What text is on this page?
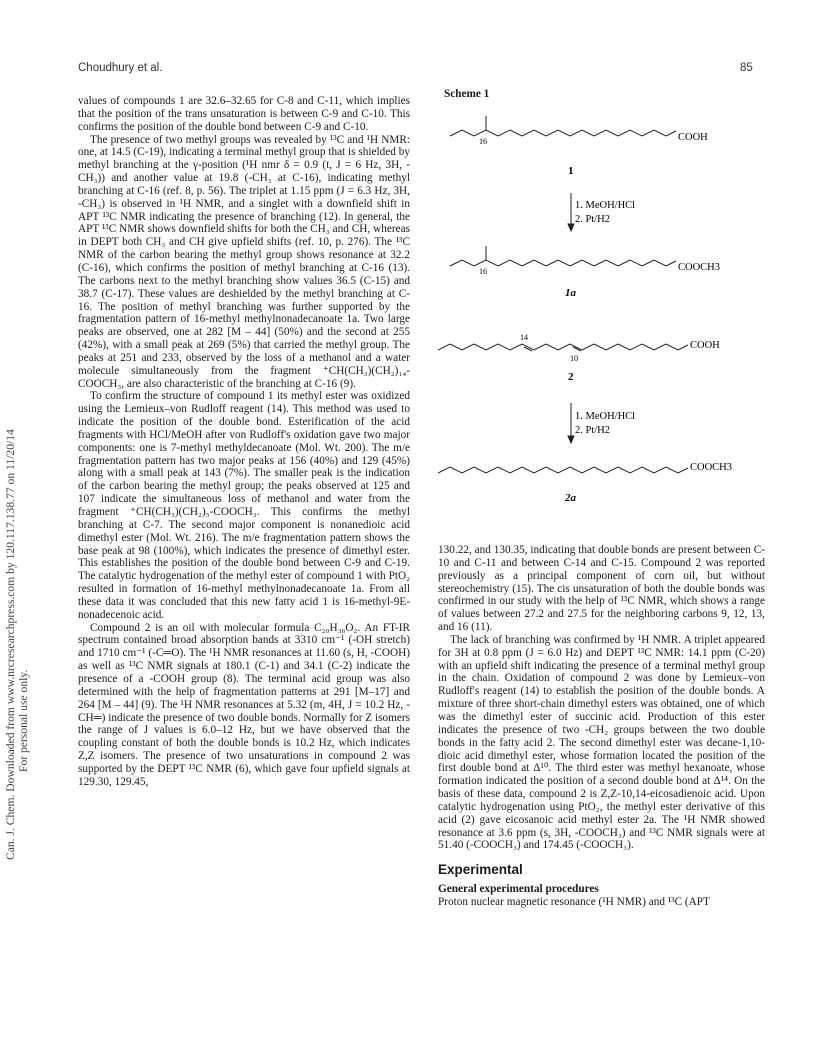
Choudhury et al.	85
Can. J. Chem. Downloaded from www.nrcresearchpress.com by 120.117.138.77 on 11/20/14 For personal use only.
Scheme 1
16	COOH
1
1. MeOH/HCl
2. Pt/H2
16	COOCH3
1a
14
10
COOH
2
1. MeOH/HCl
2. Pt/H2
COOCH3
2a

values of compounds 1 are 32.6–32.65 for C-8 and C-11, which implies that the position of the trans unsaturation is between C-9 and C-10. This confirms the position of the double bond between C-9 and C-10.

The presence of two methyl groups was revealed by ¹³C and ¹H NMR: one, at 14.5 (C-19), indicating a terminal methyl group that is shielded by methyl branching at the γ-position (¹H nmr δ = 0.9 (t, J = 6 Hz, 3H, -CH₃)) and another value at 19.8 (-CH₃ at C-16), indicating methyl branching at C-16 (ref. 8, p. 56). The triplet at 1.15 ppm (J = 6.3 Hz, 3H, -CH₃) is observed in ¹H NMR, and a singlet with a downfield shift in APT ¹³C NMR indicating the presence of branching (12). In general, the APT ¹³C NMR shows downfield shifts for both the CH₃ and CH, whereas in DEPT both CH₃ and CH give upfield shifts (ref. 10, p. 276). The ¹³C NMR of the carbon bearing the methyl group shows resonance at 32.2 (C-16), which confirms the position of methyl branching at C-16 (13). The carbons next to the methyl branching show values 36.5 (C-15) and 38.7 (C-17). These values are deshielded by the methyl branching at C-16. The position of methyl branching was further supported by the fragmentation pattern of 16-methyl methylnonadecanoate 1a. Two large peaks are observed, one at 282 [M – 44] (50%) and the second at 255 (42%), with a small peak at 269 (5%) that carried the methyl group. The peaks at 251 and 233, observed by the loss of a methanol and a water molecule simultaneously from the fragment ⁺CH(CH₃)(CH₂)₁₄-COOCH₃, are also characteristic of the branching at C-16 (9).

To confirm the structure of compound 1 its methyl ester was oxidized using the Lemieux–von Rudloff reagent (14). This method was used to indicate the position of the double bond. Esterification of the acid fragments with HCl/MeOH after von Rudloff's oxidation gave two major components: one is 7-methyl methyldecanoate (Mol. Wt. 200). The m/e fragmentation pattern has two major peaks at 156 (40%) and 129 (45%) along with a small peak at 143 (7%). The smaller peak is the indication of the carbon bearing the methyl group; the peaks observed at 125 and 107 indicate the simultaneous loss of methanol and water from the fragment ⁺CH(CH₃)(CH₂)₅-COOCH₃. This confirms the methyl branching at C-7. The second major component is nonanedioic acid dimethyl ester (Mol. Wt. 216). The m/e fragmentation pattern shows the base peak at 98 (100%), which indicates the presence of dimethyl ester. This establishes the position of the double bond between C-9 and C-19. The catalytic hydrogenation of the methyl ester of compound 1 with PtO₂ resulted in formation of 16-methyl methylnonadecanoate 1a. From all these data it was concluded that this new fatty acid 1 is 16-methyl-9E-nonadecenoic acid.

Compound 2 is an oil with molecular formula C₂₀H₃₆O₂. An FT-IR spectrum contained broad absorption bands at 3310 cm⁻¹ (-OH stretch) and 1710 cm⁻¹ (-C═O). The ¹H NMR resonances at 11.60 (s, H, -COOH) as well as ¹³C NMR signals at 180.1 (C-1) and 34.1 (C-2) indicate the presence of a -COOH group (8). The terminal acid group was also determined with the help of fragmentation patterns at 291 [M–17] and 264 [M – 44] (9). The ¹H NMR resonances at 5.32 (m, 4H, J = 10.2 Hz, -CH═) indicate the presence of two double bonds. Normally for Z isomers the range of J values is 6.0–12 Hz, but we have observed that the coupling constant of both the double bonds is 10.2 Hz, which indicates Z,Z isomers. The presence of two unsaturations in compound 2 was supported by the DEPT ¹³C NMR (6), which gave four upfield signals at 129.30, 129.45,

130.22, and 130.35, indicating that double bonds are present between C-10 and C-11 and between C-14 and C-15. Compound 2 was reported previously as a principal component of corn oil, but without stereochemistry (15). The cis unsaturation of both the double bonds was confirmed in our study with the help of ¹³C NMR, which shows a range of values between 27.2 and 27.5 for the neighboring carbons 9, 12, 13, and 16 (11).

The lack of branching was confirmed by ¹H NMR. A triplet appeared for 3H at 0.8 ppm (J = 6.0 Hz) and DEPT ¹³C NMR: 14.1 ppm (C-20) with an upfield shift indicating the presence of a terminal methyl group in the chain. Oxidation of compound 2 was done by Lemieux–von Rudloff's reagent (14) to establish the position of the double bonds. A mixture of three short-chain dimethyl esters was obtained, one of which was the dimethyl ester of succinic acid. Production of this ester indicates the presence of two -CH₂ groups between the two double bonds in the fatty acid 2. The second dimethyl ester was decane-1,10-dioic acid dimethyl ester, whose formation located the position of the first double bond at Δ¹⁰. The third ester was methyl hexanoate, whose formation indicated the position of a second double bond at Δ¹⁴. On the basis of these data, compound 2 is Z,Z-10,14-eicosadienoic acid. Upon catalytic hydrogenation using PtO₂, the methyl ester derivative of this acid (2) gave eicosanoic acid methyl ester 2a. The ¹H NMR showed resonance at 3.6 ppm (s, 3H, -COOCH₃) and ¹³C NMR signals were at 51.40 (-COOCH₃) and 174.45 (-COOCH₃).

Experimental
General experimental procedures

Proton nuclear magnetic resonance (¹H NMR) and ¹³C (APT
